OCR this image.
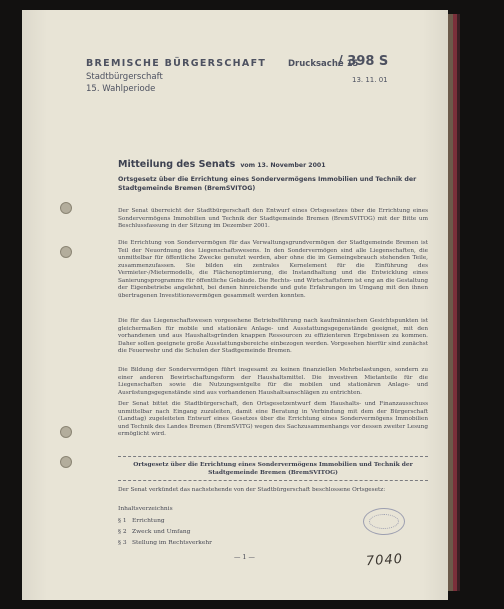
BREMISCHE BÜRGERSCHAFT
Stadtbürgerschaft
15. Wahlperiode
Drucksache 15
/ 398 S
13. 11. 01
Mitteilung des Senats vom 13. November 2001
Ortsgesetz über die Errichtung eines Sondervermögens Immobilien und Technik der Stadtgemeinde Bremen (BremSVITOG)

Der Senat überreicht der Stadtbürgerschaft den Entwurf eines Ortsgesetzes über die Errichtung eines Sondervermögens Immobilien und Technik der Stadtgemeinde Bremen (BremSVITOG) mit der Bitte um Beschlussfassung in der Sitzung im Dezember 2001.

Die Errichtung von Sondervermögen für das Verwaltungsgrundvermögen der Stadtgemeinde Bremen ist Teil der Neuordnung des Liegenschaftswesens. In den Sondervermögen sind alle Liegenschaften, die unmittelbar für öffentliche Zwecke genutzt werden, aber ohne die im Gemeingebrauch stehenden Teile, zusammenzufassen. Sie bilden ein zentrales Kernelement für die Einführung des Vermieter-/Mietermodells, die Flächenoptimierung, die Instandhaltung und die Entwicklung eines Sanierungsprogramms für öffentliche Gebäude. Die Rechts- und Wirtschaftsform ist eng an die Gestaltung der Eigenbetriebe angelehnt, bei denen hinreichende und gute Erfahrungen im Umgang mit den ihnen übertragenen Investitionsvermögen gesammelt werden konnten.

Die für das Liegenschaftswesen vorgesehene Betriebsführung nach kaufmännischen Gesichtspunkten ist gleichermaßen für mobile und stationäre Anlage- und Ausstattungsgegenstände geeignet, mit den vorhandenen und aus Haushaltsgründen knappen Ressourcen zu effizienteren Ergebnissen zu kommen. Daher sollen geeignete große Ausstattungsbereiche einbezogen werden. Vorgesehen hierfür sind zunächst die Feuerwehr und die Schulen der Stadtgemeinde Bremen.

Die Bildung der Sondervermögen führt insgesamt zu keinen finanziellen Mehrbelastungen, sondern zu einer anderen Bewirtschaftungsform der Haushaltsmittel. Die investiven Mietanteile für die Liegenschaften sowie die Nutzungsentgelte für die mobilen und stationären Anlage- und Ausrüstungsgegenstände sind aus vorhandenen Haushaltsanschlägen zu entrichten.

Der Senat bittet die Stadtbürgerschaft, den Ortsgesetzentwurf dem Haushalts- und Finanzausschuss unmittelbar nach Eingang zuzuleiten, damit eine Beratung in Verbindung mit dem der Bürgerschaft (Landtag) zugeleiteten Entwurf eines Gesetzes über die Errichtung eines Sondervermögens Immobilien und Technik des Landes Bremen (BremSVITG) wegen des Sachzusammenhangs vor dessen zweiter Lesung ermöglicht wird.

Ortsgesetz über die Errichtung eines Sondervermögens Immobilien und Technik der Stadtgemeinde Bremen (BremSVITOG)

Der Senat verkündet das nachstehende von der Stadtbürgerschaft beschlossene Ortsgesetz:

Inhaltsverzeichnis
§ 1 Errichtung
§ 2 Zweck und Umfang
§ 3 Stellung im Rechtsverkehr
— 1 —	7040
